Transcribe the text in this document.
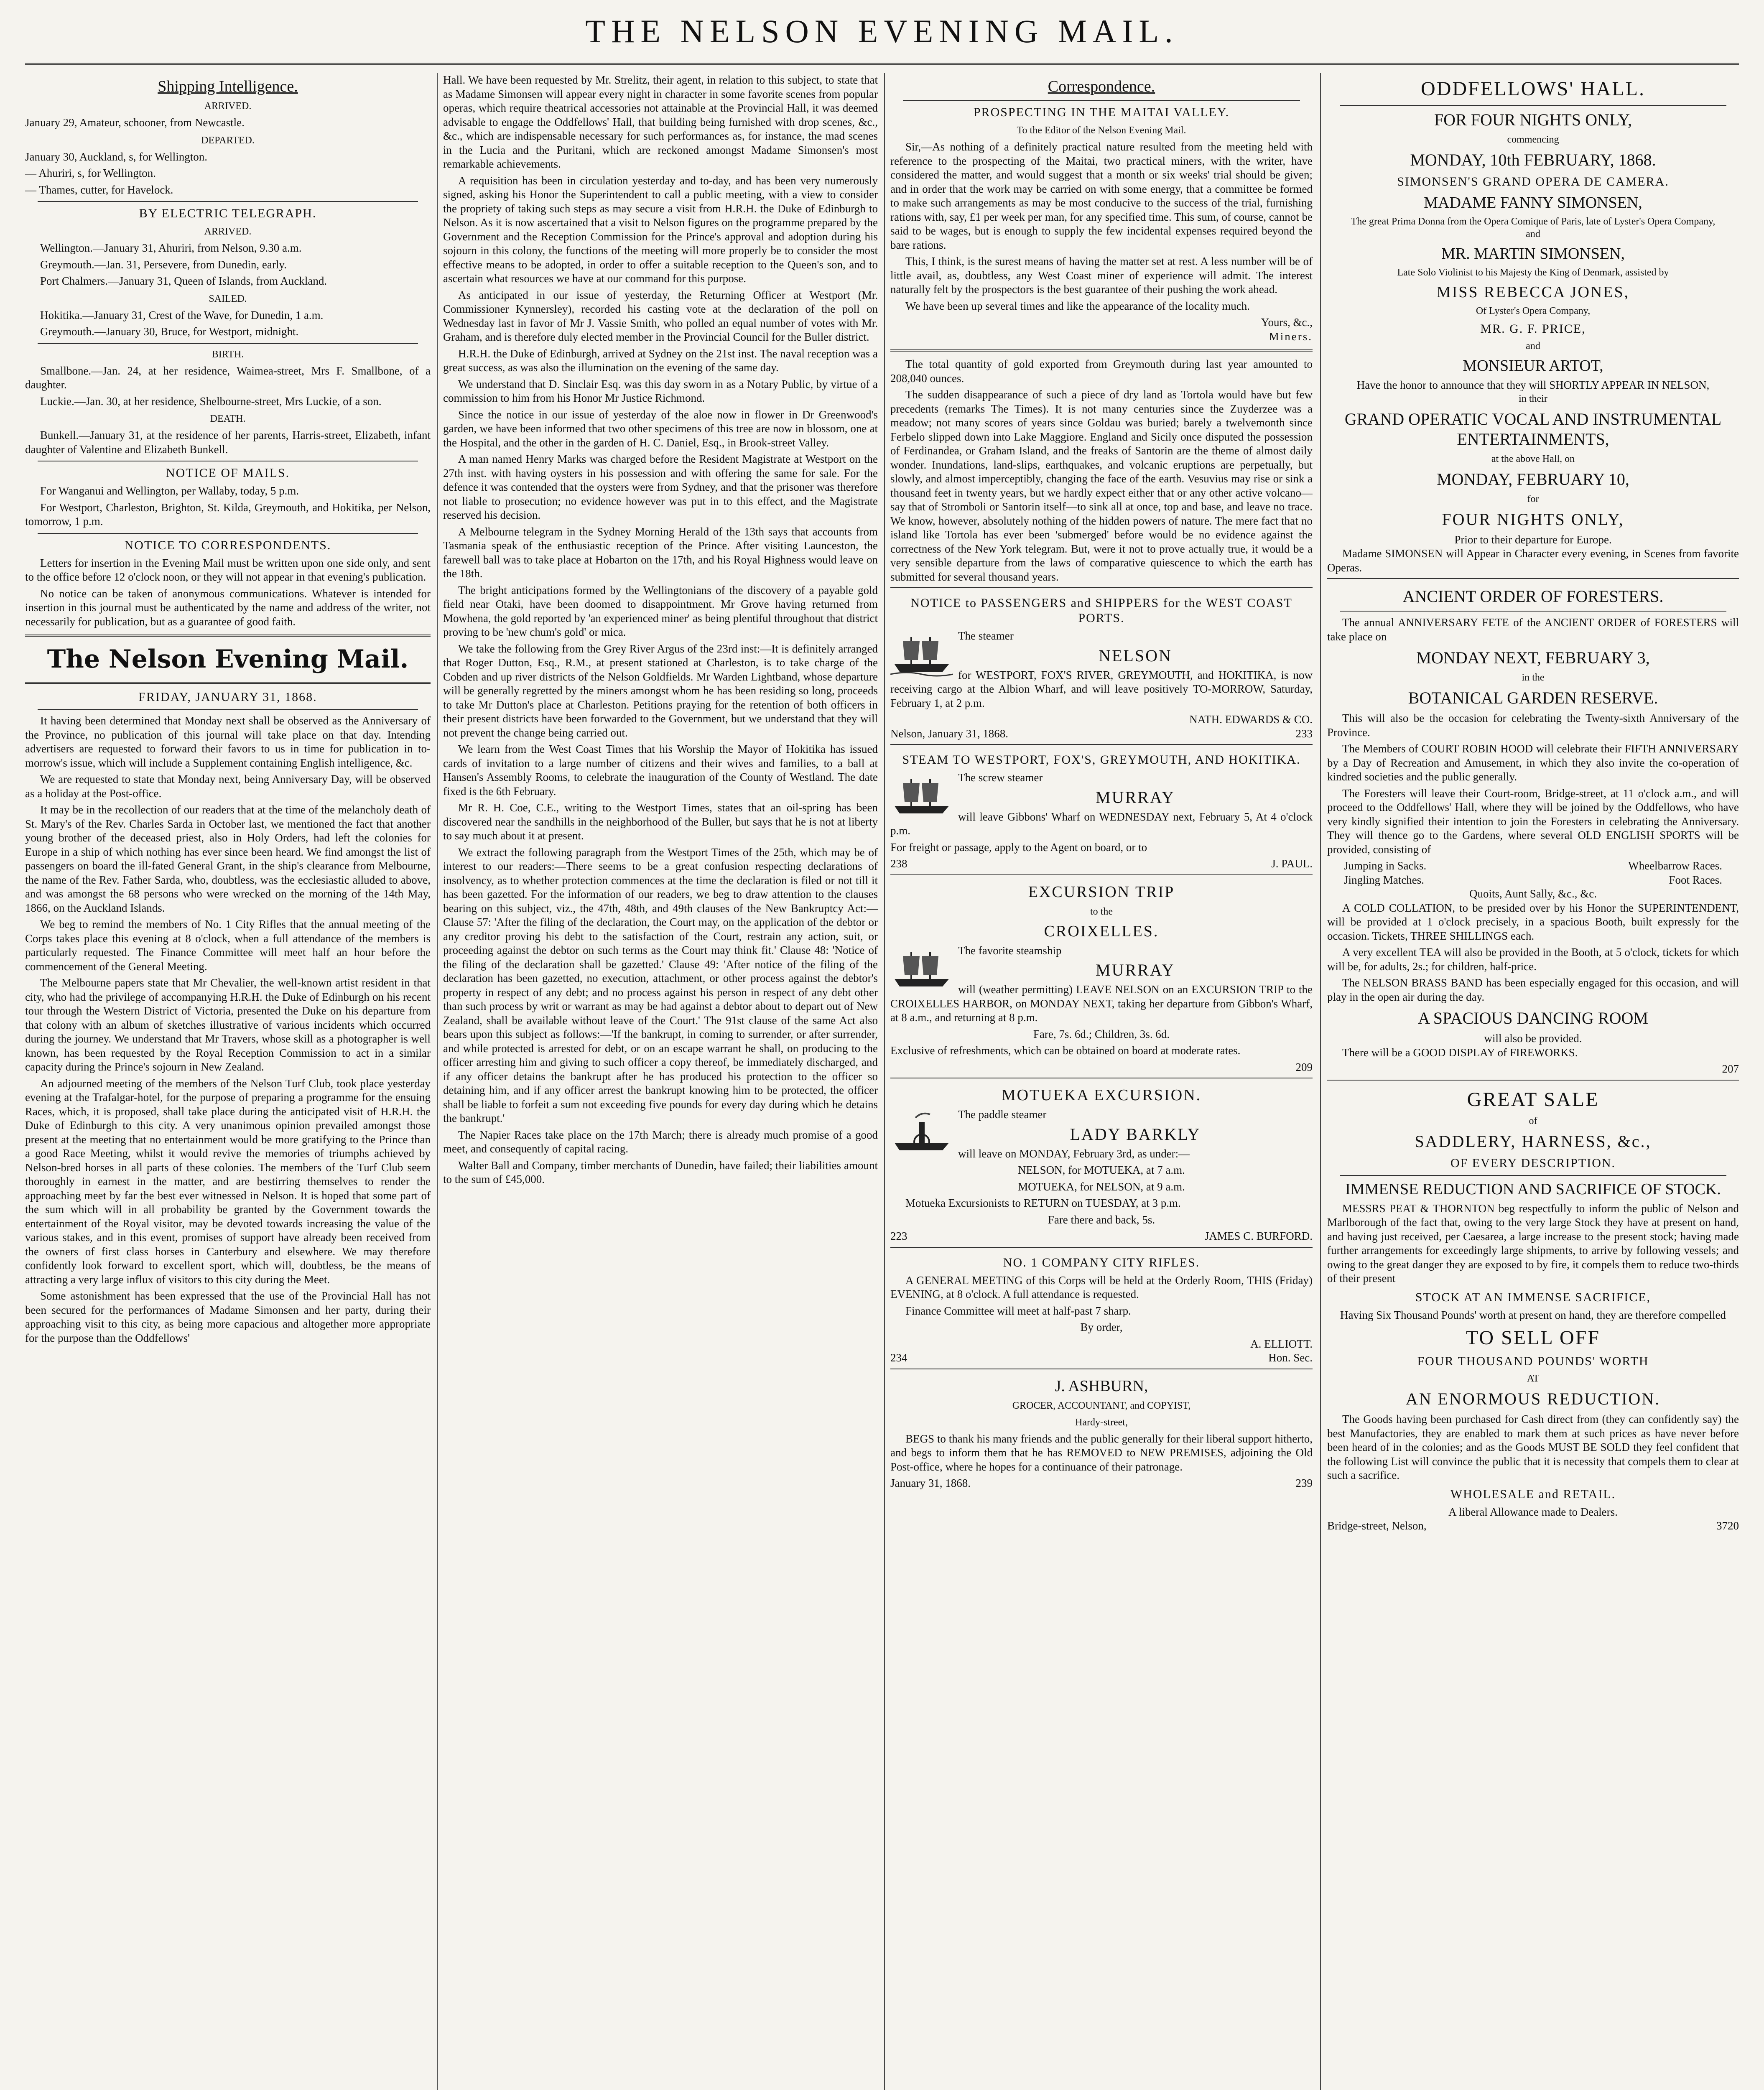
THE NELSON EVENING MAIL.
Shipping Intelligence.
ARRIVED.

January 29, Amateur, schooner, from Newcastle.

DEPARTED.

January 30, Auckland, s, for Wellington.

— Ahuriri, s, for Wellington.

— Thames, cutter, for Havelock.

BY ELECTRIC TELEGRAPH.
ARRIVED.

Wellington.—January 31, Ahuriri, from Nelson, 9.30 a.m.

Greymouth.—Jan. 31, Persevere, from Dunedin, early.

Port Chalmers.—January 31, Queen of Islands, from Auckland.

SAILED.

Hokitika.—January 31, Crest of the Wave, for Dunedin, 1 a.m.

Greymouth.—January 30, Bruce, for Westport, midnight.

BIRTH.

Smallbone.—Jan. 24, at her residence, Waimea-street, Mrs F. Smallbone, of a daughter.

Luckie.—Jan. 30, at her residence, Shelbourne-street, Mrs Luckie, of a son.

DEATH.

Bunkell.—January 31, at the residence of her parents, Harris-street, Elizabeth, infant daughter of Valentine and Elizabeth Bunkell.

NOTICE OF MAILS.

For Wanganui and Wellington, per Wallaby, today, 5 p.m.

For Westport, Charleston, Brighton, St. Kilda, Greymouth, and Hokitika, per Nelson, tomorrow, 1 p.m.

NOTICE TO CORRESPONDENTS.

Letters for insertion in the Evening Mail must be written upon one side only, and sent to the office before 12 o'clock noon, or they will not appear in that evening's publication.

No notice can be taken of anonymous communications. Whatever is intended for insertion in this journal must be authenticated by the name and address of the writer, not necessarily for publication, but as a guarantee of good faith.

The Nelson Evening Mail.
FRIDAY, JANUARY 31, 1868.

It having been determined that Monday next shall be observed as the Anniversary of the Province, no publication of this journal will take place on that day. Intending advertisers are requested to forward their favors to us in time for publication in to-morrow's issue, which will include a Supplement containing English intelligence, &c.

We are requested to state that Monday next, being Anniversary Day, will be observed as a holiday at the Post-office.

It may be in the recollection of our readers that at the time of the melancholy death of St. Mary's of the Rev. Charles Sarda in October last, we mentioned the fact that another young brother of the deceased priest, also in Holy Orders, had left the colonies for Europe in a ship of which nothing has ever since been heard. We find amongst the list of passengers on board the ill-fated General Grant, in the ship's clearance from Melbourne, the name of the Rev. Father Sarda, who, doubtless, was the ecclesiastic alluded to above, and was amongst the 68 persons who were wrecked on the morning of the 14th May, 1866, on the Auckland Islands.

We beg to remind the members of No. 1 City Rifles that the annual meeting of the Corps takes place this evening at 8 o'clock, when a full attendance of the members is particularly requested. The Finance Committee will meet half an hour before the commencement of the General Meeting.

The Melbourne papers state that Mr Chevalier, the well-known artist resident in that city, who had the privilege of accompanying H.R.H. the Duke of Edinburgh on his recent tour through the Western District of Victoria, presented the Duke on his departure from that colony with an album of sketches illustrative of various incidents which occurred during the journey. We understand that Mr Travers, whose skill as a photographer is well known, has been requested by the Royal Reception Commission to act in a similar capacity during the Prince's sojourn in New Zealand.

An adjourned meeting of the members of the Nelson Turf Club, took place yesterday evening at the Trafalgar-hotel, for the purpose of preparing a programme for the ensuing Races, which, it is proposed, shall take place during the anticipated visit of H.R.H. the Duke of Edinburgh to this city. A very unanimous opinion prevailed amongst those present at the meeting that no entertainment would be more gratifying to the Prince than a good Race Meeting, whilst it would revive the memories of triumphs achieved by Nelson-bred horses in all parts of these colonies. The members of the Turf Club seem thoroughly in earnest in the matter, and are bestirring themselves to render the approaching meet by far the best ever witnessed in Nelson. It is hoped that some part of the sum which will in all probability be granted by the Government towards the entertainment of the Royal visitor, may be devoted towards increasing the value of the various stakes, and in this event, promises of support have already been received from the owners of first class horses in Canterbury and elsewhere. We may therefore confidently look forward to excellent sport, which will, doubtless, be the means of attracting a very large influx of visitors to this city during the Meet.

Some astonishment has been expressed that the use of the Provincial Hall has not been secured for the performances of Madame Simonsen and her party, during their approaching visit to this city, as being more capacious and altogether more appropriate for the purpose than the Oddfellows'

Hall. We have been requested by Mr. Strelitz, their agent, in relation to this subject, to state that as Madame Simonsen will appear every night in character in some favorite scenes from popular operas, which require theatrical accessories not attainable at the Provincial Hall, it was deemed advisable to engage the Oddfellows' Hall, that building being furnished with drop scenes, &c., &c., which are indispensable necessary for such performances as, for instance, the mad scenes in the Lucia and the Puritani, which are reckoned amongst Madame Simonsen's most remarkable achievements.

A requisition has been in circulation yesterday and to-day, and has been very numerously signed, asking his Honor the Superintendent to call a public meeting, with a view to consider the propriety of taking such steps as may secure a visit from H.R.H. the Duke of Edinburgh to Nelson. As it is now ascertained that a visit to Nelson figures on the programme prepared by the Government and the Reception Commission for the Prince's approval and adoption during his sojourn in this colony, the functions of the meeting will more properly be to consider the most effective means to be adopted, in order to offer a suitable reception to the Queen's son, and to ascertain what resources we have at our command for this purpose.

As anticipated in our issue of yesterday, the Returning Officer at Westport (Mr. Commissioner Kynnersley), recorded his casting vote at the declaration of the poll on Wednesday last in favor of Mr J. Vassie Smith, who polled an equal number of votes with Mr. Graham, and is therefore duly elected member in the Provincial Council for the Buller district.

H.R.H. the Duke of Edinburgh, arrived at Sydney on the 21st inst. The naval reception was a great success, as was also the illumination on the evening of the same day.

We understand that D. Sinclair Esq. was this day sworn in as a Notary Public, by virtue of a commission to him from his Honor Mr Justice Richmond.

Since the notice in our issue of yesterday of the aloe now in flower in Dr Greenwood's garden, we have been informed that two other specimens of this tree are now in blossom, one at the Hospital, and the other in the garden of H. C. Daniel, Esq., in Brook-street Valley.

A man named Henry Marks was charged before the Resident Magistrate at Westport on the 27th inst. with having oysters in his possession and with offering the same for sale. For the defence it was contended that the oysters were from Sydney, and that the prisoner was therefore not liable to prosecution; no evidence however was put in to this effect, and the Magistrate reserved his decision.

A Melbourne telegram in the Sydney Morning Herald of the 13th says that accounts from Tasmania speak of the enthusiastic reception of the Prince. After visiting Launceston, the farewell ball was to take place at Hobarton on the 17th, and his Royal Highness would leave on the 18th.

The bright anticipations formed by the Wellingtonians of the discovery of a payable gold field near Otaki, have been doomed to disappointment. Mr Grove having returned from Mowhena, the gold reported by 'an experienced miner' as being plentiful throughout that district proving to be 'new chum's gold' or mica.

We take the following from the Grey River Argus of the 23rd inst:—It is definitely arranged that Roger Dutton, Esq., R.M., at present stationed at Charleston, is to take charge of the Cobden and up river districts of the Nelson Goldfields. Mr Warden Lightband, whose departure will be generally regretted by the miners amongst whom he has been residing so long, proceeds to take Mr Dutton's place at Charleston. Petitions praying for the retention of both officers in their present districts have been forwarded to the Government, but we understand that they will not prevent the change being carried out.

We learn from the West Coast Times that his Worship the Mayor of Hokitika has issued cards of invitation to a large number of citizens and their wives and families, to a ball at Hansen's Assembly Rooms, to celebrate the inauguration of the County of Westland. The date fixed is the 6th February.

Mr R. H. Coe, C.E., writing to the Westport Times, states that an oil-spring has been discovered near the sandhills in the neighborhood of the Buller, but says that he is not at liberty to say much about it at present.

We extract the following paragraph from the Westport Times of the 25th, which may be of interest to our readers:—There seems to be a great confusion respecting declarations of insolvency, as to whether protection commences at the time the declaration is filed or not till it has been gazetted. For the information of our readers, we beg to draw attention to the clauses bearing on this subject, viz., the 47th, 48th, and 49th clauses of the New Bankruptcy Act:—Clause 57: 'After the filing of the declaration, the Court may, on the application of the debtor or any creditor proving his debt to the satisfaction of the Court, restrain any action, suit, or proceeding against the debtor on such terms as the Court may think fit.' Clause 48: 'Notice of the filing of the declaration shall be gazetted.' Clause 49: 'After notice of the filing of the declaration has been gazetted, no execution, attachment, or other process against the debtor's property in respect of any debt; and no process against his person in respect of any debt other than such process by writ or warrant as may be had against a debtor about to depart out of New Zealand, shall be available without leave of the Court.' The 91st clause of the same Act also bears upon this subject as follows:—'If the bankrupt, in coming to surrender, or after surrender, and while protected is arrested for debt, or on an escape warrant he shall, on producing to the officer arresting him and giving to such officer a copy thereof, be immediately discharged, and if any officer detains the bankrupt after he has produced his protection to the officer so detaining him, and if any officer arrest the bankrupt knowing him to be protected, the officer shall be liable to forfeit a sum not exceeding five pounds for every day during which he detains the bankrupt.'

The Napier Races take place on the 17th March; there is already much promise of a good meet, and consequently of capital racing.

Walter Ball and Company, timber merchants of Dunedin, have failed; their liabilities amount to the sum of £45,000.

Correspondence.
PROSPECTING IN THE MAITAI VALLEY.
To the Editor of the Nelson Evening Mail.

Sir,—As nothing of a definitely practical nature resulted from the meeting held with reference to the prospecting of the Maitai, two practical miners, with the writer, have considered the matter, and would suggest that a month or six weeks' trial should be given; and in order that the work may be carried on with some energy, that a committee be formed to make such arrangements as may be most conducive to the success of the trial, furnishing rations with, say, £1 per week per man, for any specified time. This sum, of course, cannot be said to be wages, but is enough to supply the few incidental expenses required beyond the bare rations.

This, I think, is the surest means of having the matter set at rest. A less number will be of little avail, as, doubtless, any West Coast miner of experience will admit. The interest naturally felt by the prospectors is the best guarantee of their pushing the work ahead.

We have been up several times and like the appearance of the locality much.

Yours, &c.,
Miners.

The total quantity of gold exported from Greymouth during last year amounted to 208,040 ounces.

The sudden disappearance of such a piece of dry land as Tortola would have but few precedents (remarks The Times). It is not many centuries since the Zuyderzee was a meadow; not many scores of years since Goldau was buried; barely a twelvemonth since Ferbelo slipped down into Lake Maggiore. England and Sicily once disputed the possession of Ferdinandea, or Graham Island, and the freaks of Santorin are the theme of almost daily wonder. Inundations, land-slips, earthquakes, and volcanic eruptions are perpetually, but slowly, and almost imperceptibly, changing the face of the earth. Vesuvius may rise or sink a thousand feet in twenty years, but we hardly expect either that or any other active volcano—say that of Stromboli or Santorin itself—to sink all at once, top and base, and leave no trace. We know, however, absolutely nothing of the hidden powers of nature. The mere fact that no island like Tortola has ever been 'submerged' before would be no evidence against the correctness of the New York telegram. But, were it not to prove actually true, it would be a very sensible departure from the laws of comparative quiescence to which the earth has submitted for several thousand years.

NOTICE to PASSENGERS and SHIPPERS for the WEST COAST PORTS.

The steamer

NELSON

for WESTPORT, FOX'S RIVER, GREYMOUTH, and HOKITIKA, is now receiving cargo at the Albion Wharf, and will leave positively TO-MORROW, Saturday, February 1, at 2 p.m.

NATH. EDWARDS & CO.
Nelson, January 31, 1868.	233
STEAM TO WESTPORT, FOX'S, GREYMOUTH, AND HOKITIKA.

The screw steamer

MURRAY

will leave Gibbons' Wharf on WEDNESDAY next, February 5, At 4 o'clock p.m.

For freight or passage, apply to the Agent on board, or to

238	J. PAUL.
EXCURSION TRIP
to the
CROIXELLES.

The favorite steamship

MURRAY

will (weather permitting) LEAVE NELSON on an EXCURSION TRIP to the CROIXELLES HARBOR, on MONDAY NEXT, taking her departure from Gibbon's Wharf, at 8 a.m., and returning at 8 p.m.

Fare, 7s. 6d.; Children, 3s. 6d.

Exclusive of refreshments, which can be obtained on board at moderate rates.

209
MOTUEKA EXCURSION.

The paddle steamer

LADY BARKLY

will leave on MONDAY, February 3rd, as under:—

NELSON, for MOTUEKA, at 7 a.m.

MOTUEKA, for NELSON, at 9 a.m.

Motueka Excursionists to RETURN on TUESDAY, at 3 p.m.

Fare there and back, 5s.

223	JAMES C. BURFORD.
NO. 1 COMPANY CITY RIFLES.

A GENERAL MEETING of this Corps will be held at the Orderly Room, THIS (Friday) EVENING, at 8 o'clock. A full attendance is requested.

Finance Committee will meet at half-past 7 sharp.

By order,

A. ELLIOTT.
234	Hon. Sec.
J. ASHBURN,
GROCER, ACCOUNTANT, and COPYIST,
Hardy-street,

BEGS to thank his many friends and the public generally for their liberal support hitherto, and begs to inform them that he has REMOVED to NEW PREMISES, adjoining the Old Post-office, where he hopes for a continuance of their patronage.

January 31, 1868.	239
ODDFELLOWS' HALL.
FOR FOUR NIGHTS ONLY,
commencing
MONDAY, 10th FEBRUARY, 1868.
SIMONSEN'S GRAND OPERA DE CAMERA.
MADAME FANNY SIMONSEN,
The great Prima Donna from the Opera Comique of Paris, late of Lyster's Opera Company,
and
MR. MARTIN SIMONSEN,
Late Solo Violinist to his Majesty the King of Denmark, assisted by
MISS REBECCA JONES,
Of Lyster's Opera Company,
MR. G. F. PRICE,
and
MONSIEUR ARTOT,
Have the honor to announce that they will SHORTLY APPEAR IN NELSON,
in their
GRAND OPERATIC VOCAL AND INSTRUMENTAL ENTERTAINMENTS,
at the above Hall, on
MONDAY, FEBRUARY 10,
for
FOUR NIGHTS ONLY,
Prior to their departure for Europe.

Madame SIMONSEN will Appear in Character every evening, in Scenes from favorite Operas.

ANCIENT ORDER OF FORESTERS.

The annual ANNIVERSARY FETE of the ANCIENT ORDER of FORESTERS will take place on

MONDAY NEXT, FEBRUARY 3,
in the
BOTANICAL GARDEN RESERVE.

This will also be the occasion for celebrating the Twenty-sixth Anniversary of the Province.

The Members of COURT ROBIN HOOD will celebrate their FIFTH ANNIVERSARY by a Day of Recreation and Amusement, in which they also invite the co-operation of kindred societies and the public generally.

The Foresters will leave their Court-room, Bridge-street, at 11 o'clock a.m., and will proceed to the Oddfellows' Hall, where they will be joined by the Oddfellows, who have very kindly signified their intention to join the Foresters in celebrating the Anniversary. They will thence go to the Gardens, where several OLD ENGLISH SPORTS will be provided, consisting of

Jumping in Sacks.	Wheelbarrow Races.
Jingling Matches.	Foot Races.
Quoits, Aunt Sally, &c., &c.

A COLD COLLATION, to be presided over by his Honor the SUPERINTENDENT, will be provided at 1 o'clock precisely, in a spacious Booth, built expressly for the occasion. Tickets, THREE SHILLINGS each.

A very excellent TEA will also be provided in the Booth, at 5 o'clock, tickets for which will be, for adults, 2s.; for children, half-price.

The NELSON BRASS BAND has been especially engaged for this occasion, and will play in the open air during the day.

A SPACIOUS DANCING ROOM
will also be provided.

There will be a GOOD DISPLAY of FIREWORKS.

207
GREAT SALE
of
SADDLERY, HARNESS, &c.,
OF EVERY DESCRIPTION.
IMMENSE REDUCTION AND SACRIFICE OF STOCK.

MESSRS PEAT & THORNTON beg respectfully to inform the public of Nelson and Marlborough of the fact that, owing to the very large Stock they have at present on hand, and having just received, per Caesarea, a large increase to the present stock; having made further arrangements for exceedingly large shipments, to arrive by following vessels; and owing to the great danger they are exposed to by fire, it compels them to reduce two-thirds of their present

STOCK AT AN IMMENSE SACRIFICE,
Having Six Thousand Pounds' worth at present on hand, they are therefore compelled
TO SELL OFF
FOUR THOUSAND POUNDS' WORTH
AT
AN ENORMOUS REDUCTION.

The Goods having been purchased for Cash direct from (they can confidently say) the best Manufactories, they are enabled to mark them at such prices as have never before been heard of in the colonies; and as the Goods MUST BE SOLD they feel confident that the following List will convince the public that it is necessity that compels them to clear at such a sacrifice.

WHOLESALE and RETAIL.
A liberal Allowance made to Dealers.
Bridge-street, Nelson,	3720
